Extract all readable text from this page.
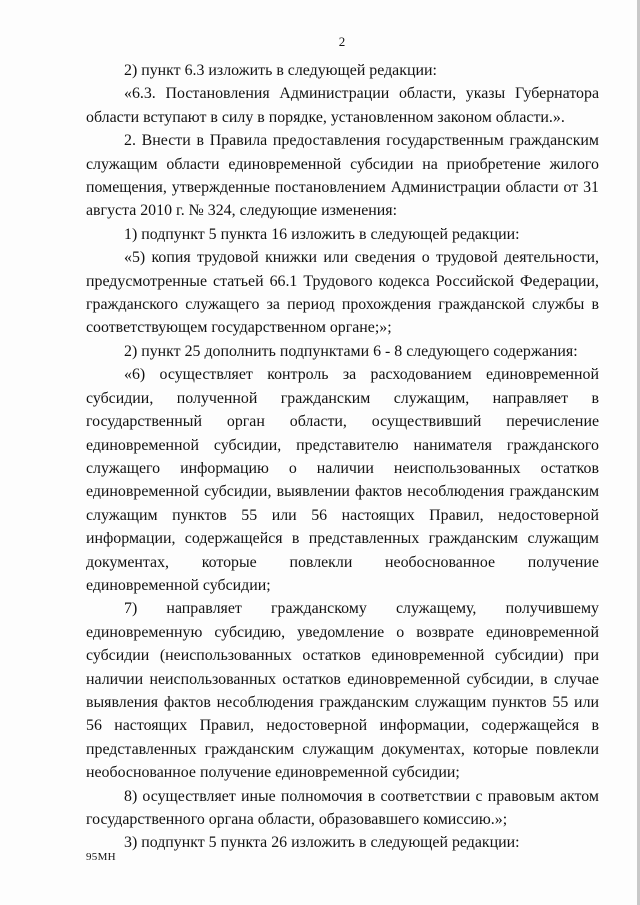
2

2) пункт 6.3 изложить в следующей редакции:

«6.3. Постановления Администрации области, указы Губернатора области вступают в силу в порядке, установленном законом области.».

2. Внести в Правила предоставления государственным гражданским служащим области единовременной субсидии на приобретение жилого помещения, утвержденные постановлением Администрации области от 31 августа 2010 г. № 324, следующие изменения:

1) подпункт 5 пункта 16 изложить в следующей редакции:

«5) копия трудовой книжки или сведения о трудовой деятельности, предусмотренные статьей 66.1 Трудового кодекса Российской Федерации, гражданского служащего за период прохождения гражданской службы в соответствующем государственном органе;»;

2) пункт 25 дополнить подпунктами 6 - 8 следующего содержания:

«6) осуществляет контроль за расходованием единовременной субсидии, полученной гражданским служащим, направляет в государственный орган области, осуществивший перечисление единовременной субсидии, представителю нанимателя гражданского служащего информацию о наличии неиспользованных остатков единовременной субсидии, выявлении фактов несоблюдения гражданским служащим пунктов 55 или 56 настоящих Правил, недостоверной информации, содержащейся в представленных гражданским служащим документах, которые повлекли необоснованное получение единовременной субсидии;

7) направляет гражданскому служащему, получившему единовременную субсидию, уведомление о возврате единовременной субсидии (неиспользованных остатков единовременной субсидии) при наличии неиспользованных остатков единовременной субсидии, в случае выявления фактов несоблюдения гражданским служащим пунктов 55 или 56 настоящих Правил, недостоверной информации, содержащейся в представленных гражданским служащим документах, которые повлекли необоснованное получение единовременной субсидии;

8) осуществляет иные полномочия в соответствии с правовым актом государственного органа области, образовавшего комиссию.»;

3) подпункт 5 пункта 26 изложить в следующей редакции:

95МН
